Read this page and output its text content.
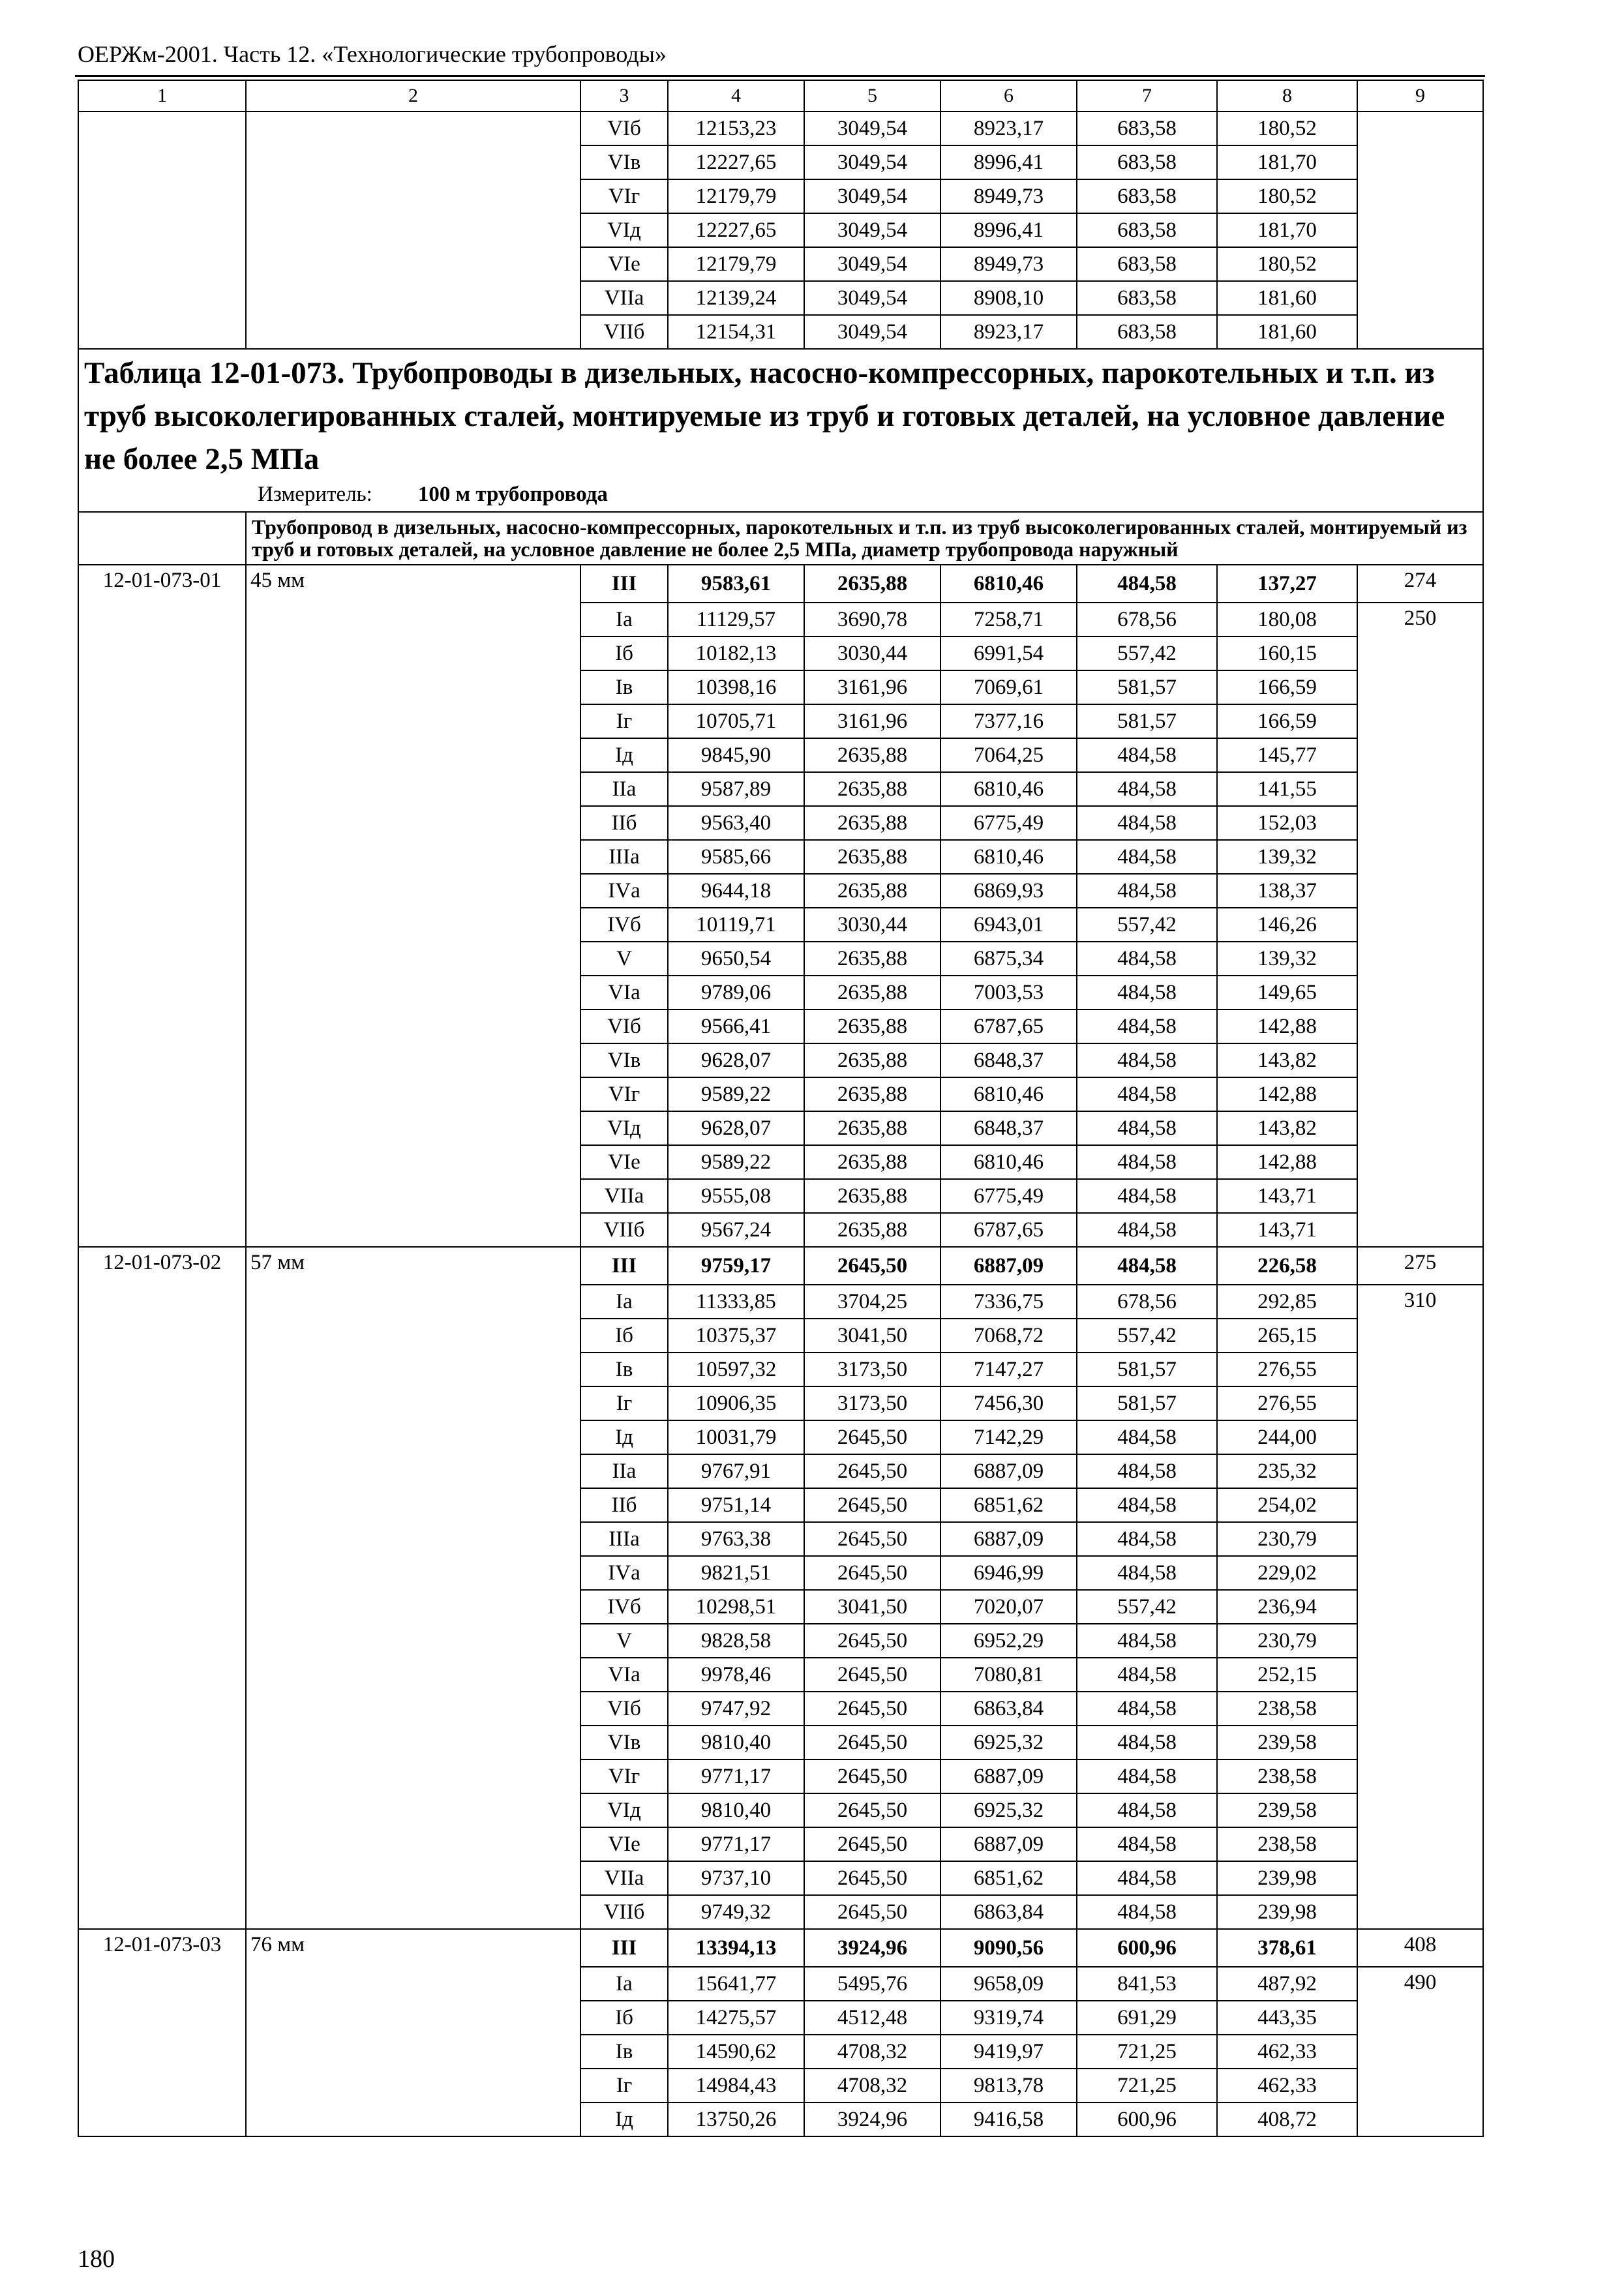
ОЕРЖм-2001. Часть 12. «Технологические трубопроводы»
1	2	3	4	5	6	7	8	9
		VIб	12153,23	3049,54	8923,17	683,58	180,52	
		VIв	12227,65	3049,54	8996,41	683,58	181,70	
		VIг	12179,79	3049,54	8949,73	683,58	180,52	
		VIд	12227,65	3049,54	8996,41	683,58	181,70	
		VIе	12179,79	3049,54	8949,73	683,58	180,52	
		VIIа	12139,24	3049,54	8908,10	683,58	181,60	
		VIIб	12154,31	3049,54	8923,17	683,58	181,60	

Таблица 12-01-073. Трубопроводы в дизельных, насосно-компрессорных, парокотельных и т.п. из труб высоколегированных сталей, монтируемые из труб и готовых деталей, на условное давление не более 2,5 МПа
Измеритель: 100 м трубопровода								

	Трубопровод в дизельных, насосно-компрессорных, парокотельных и т.п. из труб высоколегированных сталей, монтируемый из труб и готовых деталей, на условное давление не более 2,5 МПа, диаметр трубопровода наружный							
12-01-073-01	45 мм	III	9583,61	2635,88	6810,46	484,58	137,27	274
		Iа	11129,57	3690,78	7258,71	678,56	180,08	250
		Iб	10182,13	3030,44	6991,54	557,42	160,15	
		Iв	10398,16	3161,96	7069,61	581,57	166,59	
		Iг	10705,71	3161,96	7377,16	581,57	166,59	
		Iд	9845,90	2635,88	7064,25	484,58	145,77	
		IIа	9587,89	2635,88	6810,46	484,58	141,55	
		IIб	9563,40	2635,88	6775,49	484,58	152,03	
		IIIа	9585,66	2635,88	6810,46	484,58	139,32	
		IVа	9644,18	2635,88	6869,93	484,58	138,37	
		IVб	10119,71	3030,44	6943,01	557,42	146,26	
		V	9650,54	2635,88	6875,34	484,58	139,32	
		VIа	9789,06	2635,88	7003,53	484,58	149,65	
		VIб	9566,41	2635,88	6787,65	484,58	142,88	
		VIв	9628,07	2635,88	6848,37	484,58	143,82	
		VIг	9589,22	2635,88	6810,46	484,58	142,88	
		VIд	9628,07	2635,88	6848,37	484,58	143,82	
		VIе	9589,22	2635,88	6810,46	484,58	142,88	
		VIIа	9555,08	2635,88	6775,49	484,58	143,71	
		VIIб	9567,24	2635,88	6787,65	484,58	143,71	
12-01-073-02	57 мм	III	9759,17	2645,50	6887,09	484,58	226,58	275
		Iа	11333,85	3704,25	7336,75	678,56	292,85	310
		Iб	10375,37	3041,50	7068,72	557,42	265,15	
		Iв	10597,32	3173,50	7147,27	581,57	276,55	
		Iг	10906,35	3173,50	7456,30	581,57	276,55	
		Iд	10031,79	2645,50	7142,29	484,58	244,00	
		IIа	9767,91	2645,50	6887,09	484,58	235,32	
		IIб	9751,14	2645,50	6851,62	484,58	254,02	
		IIIа	9763,38	2645,50	6887,09	484,58	230,79	
		IVа	9821,51	2645,50	6946,99	484,58	229,02	
		IVб	10298,51	3041,50	7020,07	557,42	236,94	
		V	9828,58	2645,50	6952,29	484,58	230,79	
		VIа	9978,46	2645,50	7080,81	484,58	252,15	
		VIб	9747,92	2645,50	6863,84	484,58	238,58	
		VIв	9810,40	2645,50	6925,32	484,58	239,58	
		VIг	9771,17	2645,50	6887,09	484,58	238,58	
		VIд	9810,40	2645,50	6925,32	484,58	239,58	
		VIе	9771,17	2645,50	6887,09	484,58	238,58	
		VIIа	9737,10	2645,50	6851,62	484,58	239,98	
		VIIб	9749,32	2645,50	6863,84	484,58	239,98	
12-01-073-03	76 мм	III	13394,13	3924,96	9090,56	600,96	378,61	408
		Iа	15641,77	5495,76	9658,09	841,53	487,92	490
		Iб	14275,57	4512,48	9319,74	691,29	443,35	
		Iв	14590,62	4708,32	9419,97	721,25	462,33	
		Iг	14984,43	4708,32	9813,78	721,25	462,33	
		Iд	13750,26	3924,96	9416,58	600,96	408,72	
180
